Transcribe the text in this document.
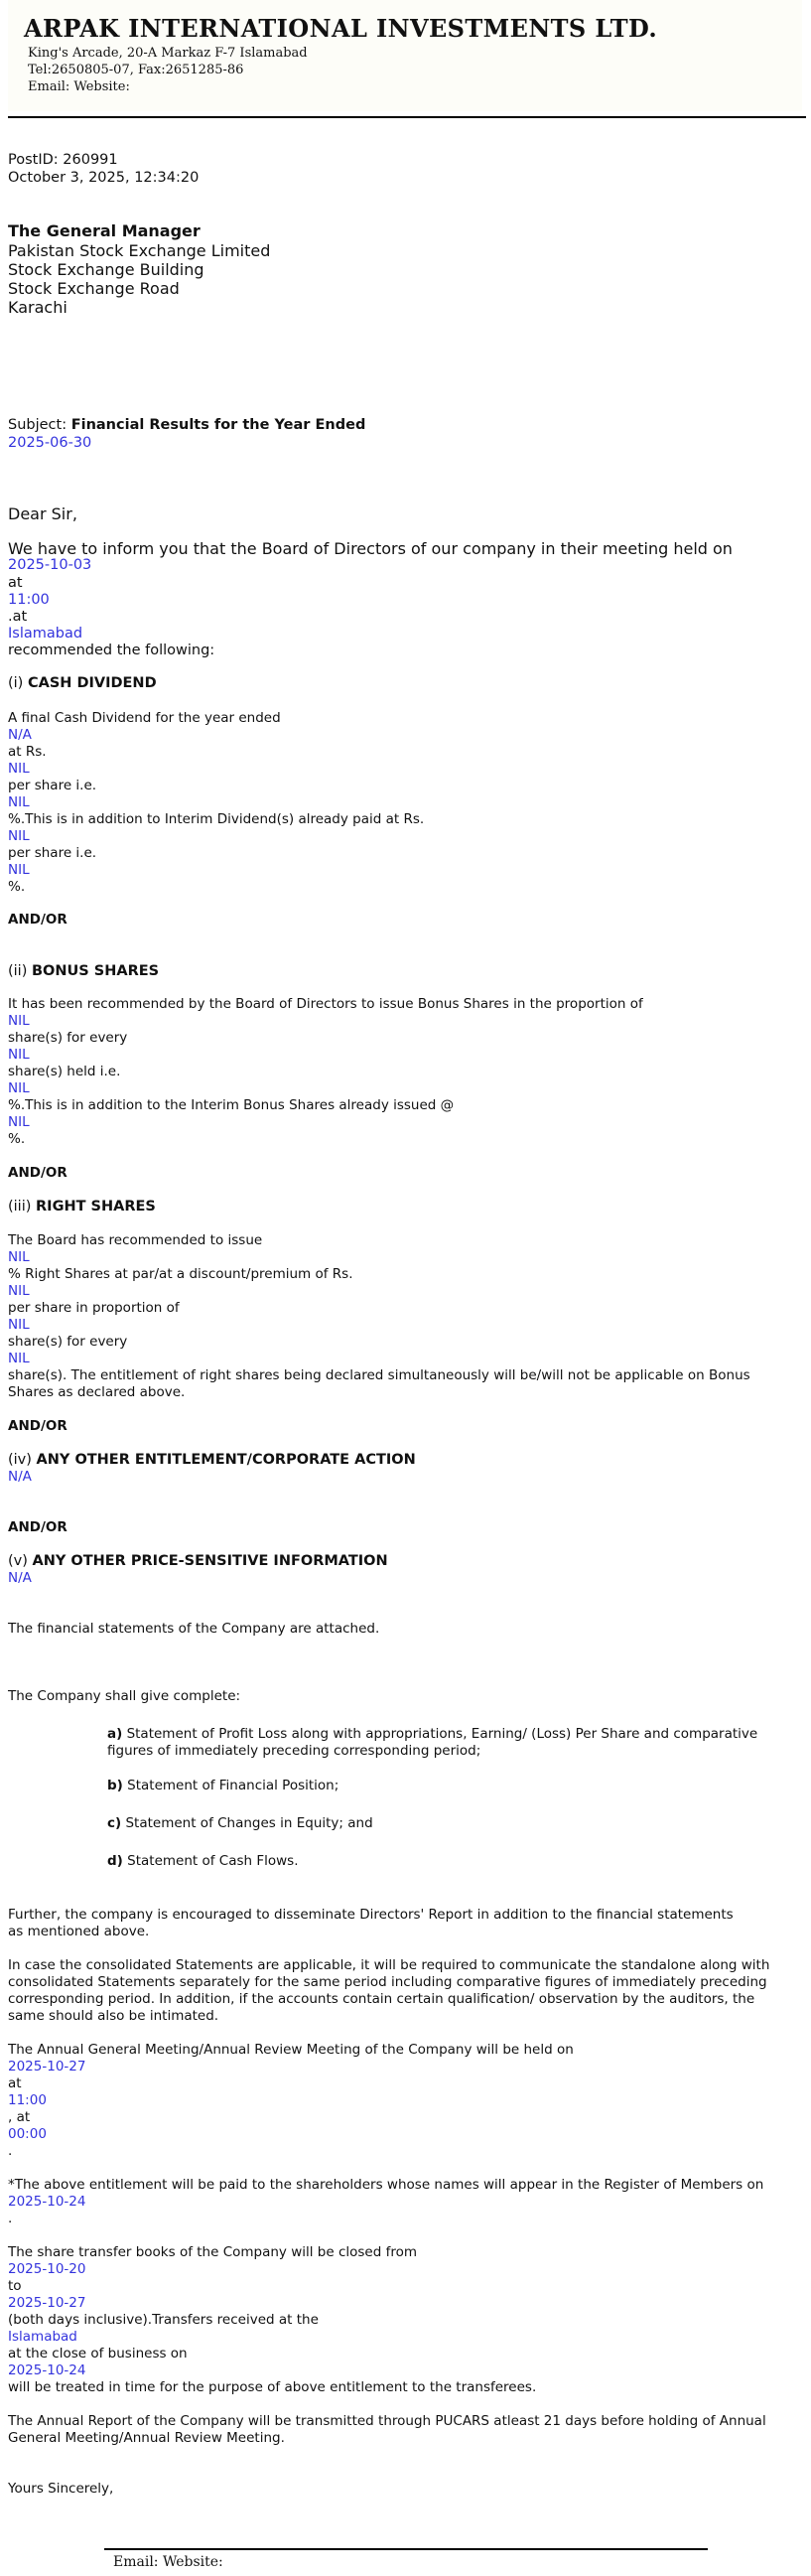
ARPAK INTERNATIONAL INVESTMENTS LTD.
King's Arcade, 20-A Markaz F-7 Islamabad
Tel:2650805-07, Fax:2651285-86
Email: Website:
PostID: 260991
October 3, 2025, 12:34:20
The General Manager
Pakistan Stock Exchange Limited
Stock Exchange Building
Stock Exchange Road
Karachi
Subject: Financial Results for the Year Ended
2025-06-30
Dear Sir,
We have to inform you that the Board of Directors of our company in their meeting held on
2025-10-03
at
11:00
.at
Islamabad
recommended the following:
(i) CASH DIVIDEND
A final Cash Dividend for the year ended
N/A
at Rs.
NIL
per share i.e.
NIL
%.This is in addition to Interim Dividend(s) already paid at Rs.
NIL
per share i.e.
NIL
%.
AND/OR
(ii) BONUS SHARES
It has been recommended by the Board of Directors to issue Bonus Shares in the proportion of
NIL
share(s) for every
NIL
share(s) held i.e.
NIL
%.This is in addition to the Interim Bonus Shares already issued @
NIL
%.
AND/OR
(iii) RIGHT SHARES
The Board has recommended to issue
NIL
% Right Shares at par/at a discount/premium of Rs.
NIL
per share in proportion of
NIL
share(s) for every
NIL
share(s). The entitlement of right shares being declared simultaneously will be/will not be applicable on Bonus
Shares as declared above.
AND/OR
(iv) ANY OTHER ENTITLEMENT/CORPORATE ACTION
N/A
AND/OR
(v) ANY OTHER PRICE-SENSITIVE INFORMATION
N/A
The financial statements of the Company are attached.
The Company shall give complete:
a) Statement of Profit Loss along with appropriations, Earning/ (Loss) Per Share and comparative
figures of immediately preceding corresponding period;
b) Statement of Financial Position;
c) Statement of Changes in Equity; and
d) Statement of Cash Flows.
Further, the company is encouraged to disseminate Directors' Report in addition to the financial statements
as mentioned above.
In case the consolidated Statements are applicable, it will be required to communicate the standalone along with
consolidated Statements separately for the same period including comparative figures of immediately preceding
corresponding period. In addition, if the accounts contain certain qualification/ observation by the auditors, the
same should also be intimated.
The Annual General Meeting/Annual Review Meeting of the Company will be held on
2025-10-27
at
11:00
, at
00:00
.
*The above entitlement will be paid to the shareholders whose names will appear in the Register of Members on
2025-10-24
.
The share transfer books of the Company will be closed from
2025-10-20
to
2025-10-27
(both days inclusive).Transfers received at the
Islamabad
at the close of business on
2025-10-24
will be treated in time for the purpose of above entitlement to the transferees.
The Annual Report of the Company will be transmitted through PUCARS atleast 21 days before holding of Annual
General Meeting/Annual Review Meeting.
Yours Sincerely,
Email: Website:
